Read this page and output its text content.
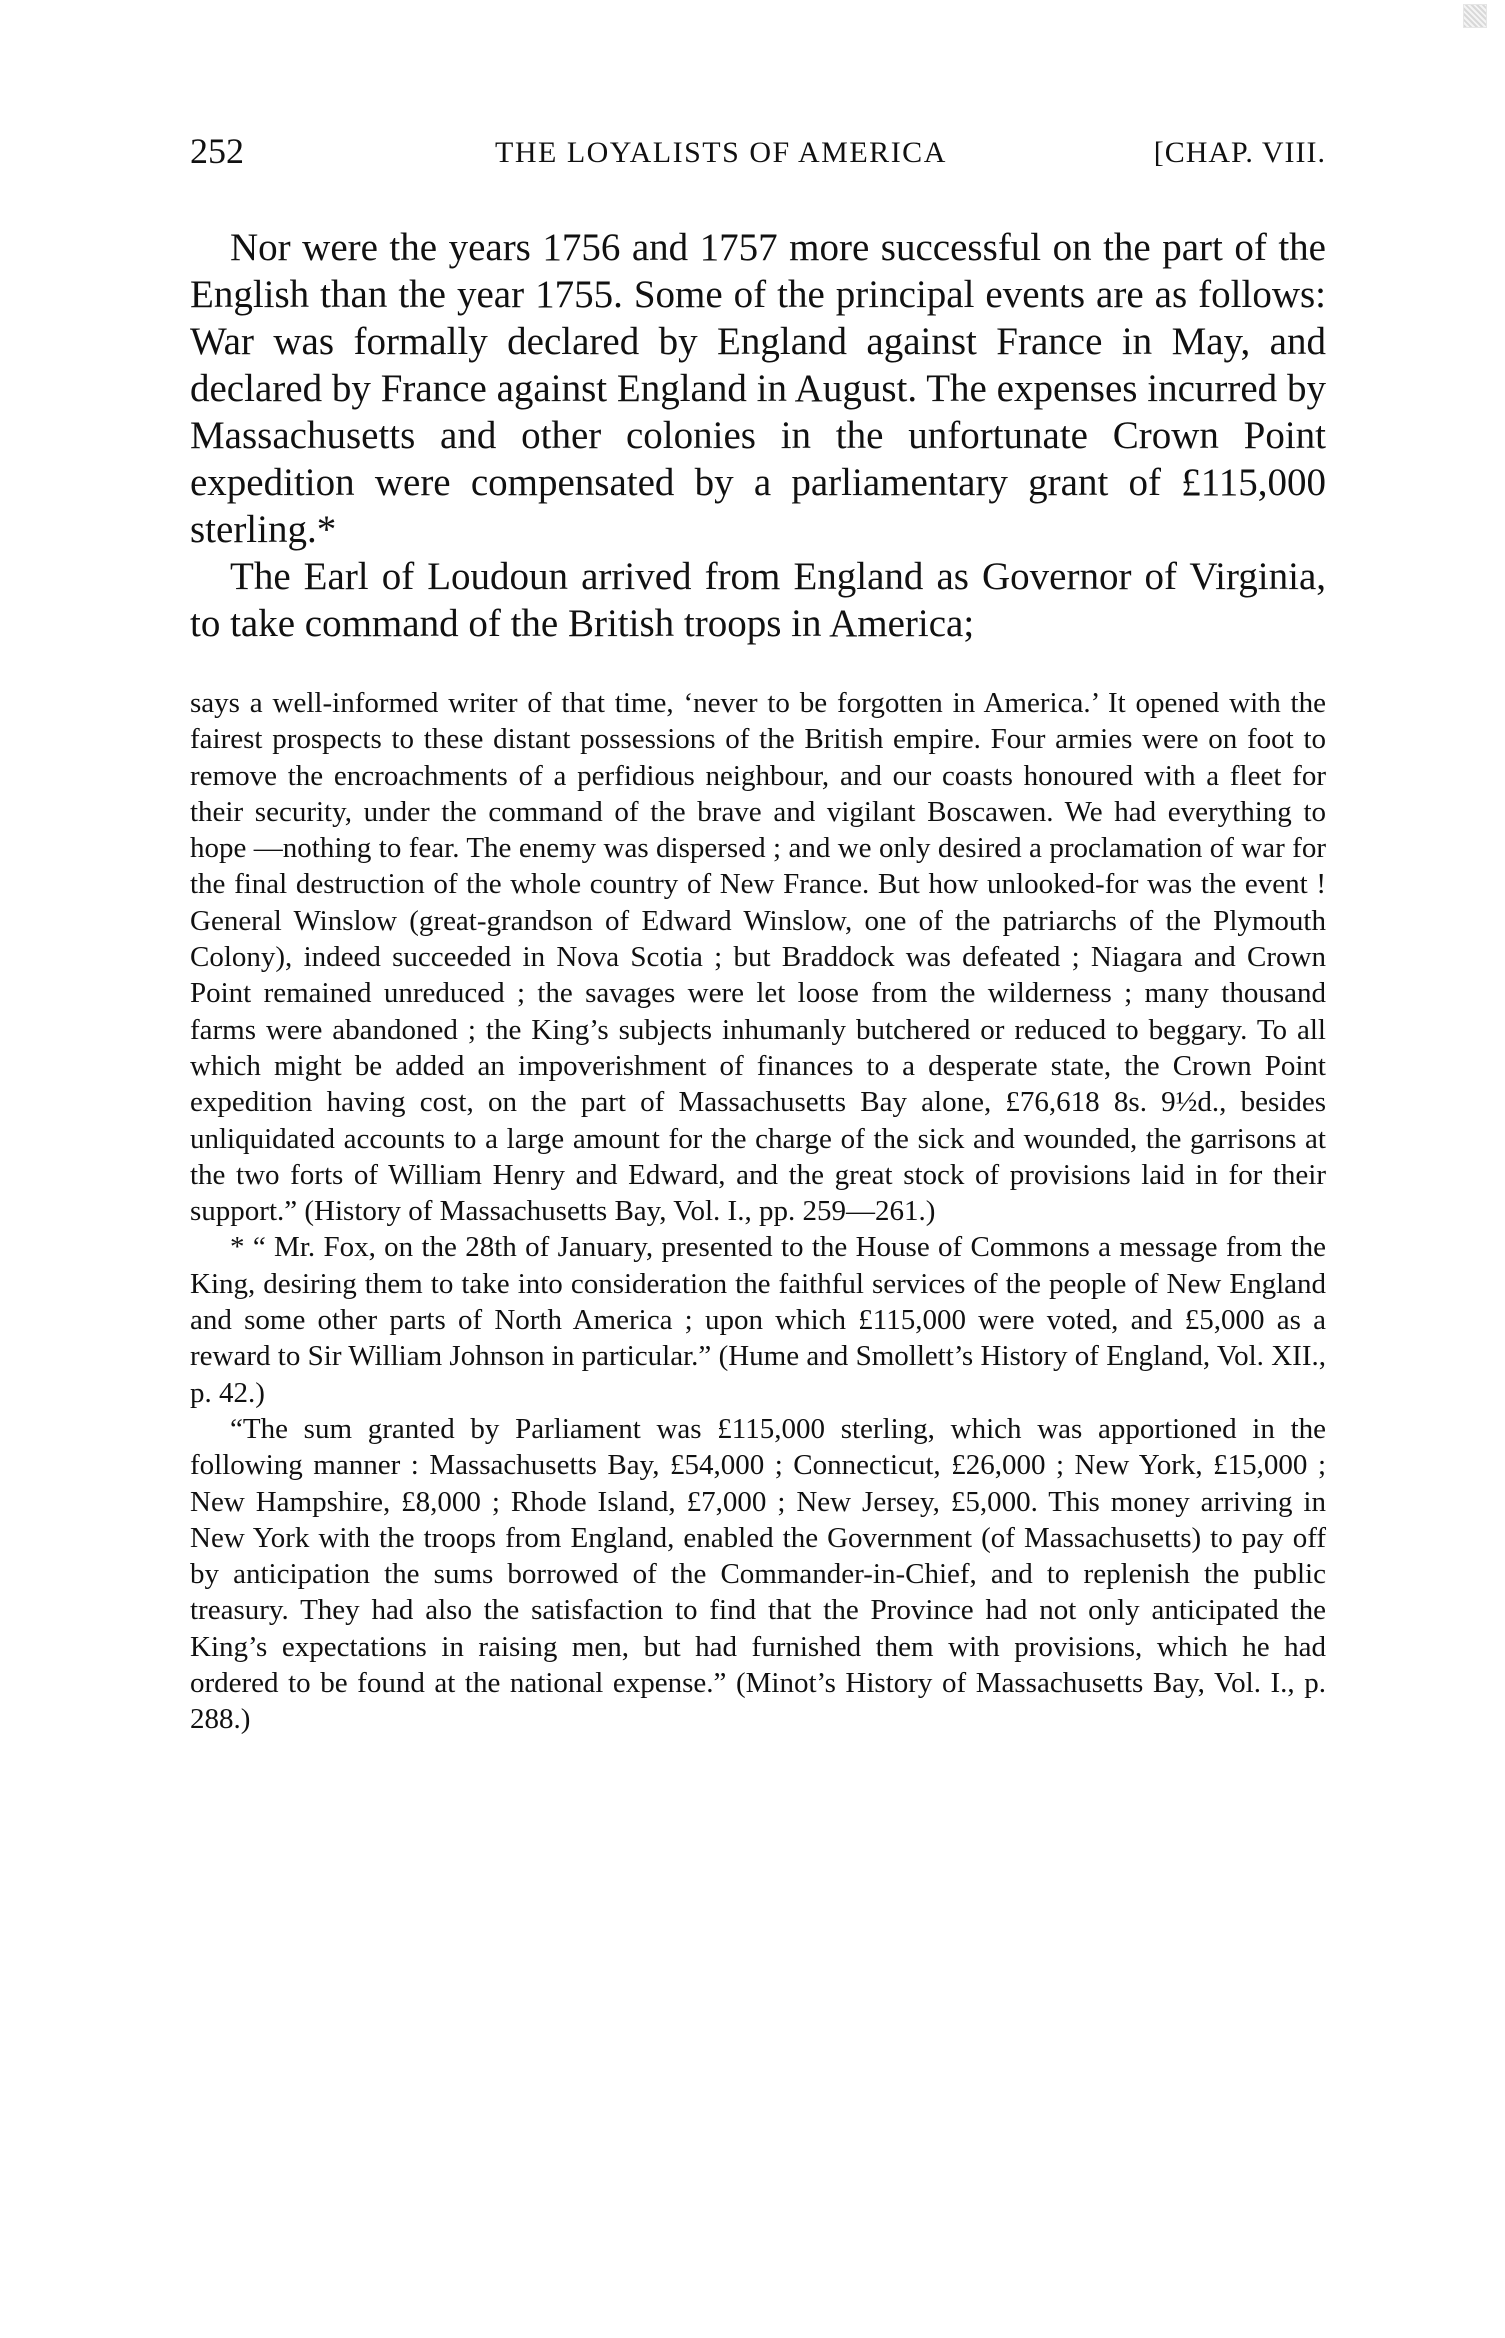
252	THE LOYALISTS OF AMERICA	[CHAP. VIII.

Nor were the years 1756 and 1757 more successful on the part of the English than the year 1755. Some of the principal events are as follows: War was formally declared by England against France in May, and declared by France against England in August. The expenses incurred by Massachusetts and other colonies in the unfortunate Crown Point expedition were compensated by a parliamentary grant of £115,000 sterling.*

The Earl of Loudoun arrived from England as Governor of Virginia, to take command of the British troops in America;

says a well-informed writer of that time, ‘never to be forgotten in America.’ It opened with the fairest prospects to these distant possessions of the British empire. Four armies were on foot to remove the encroachments of a perfidious neighbour, and our coasts honoured with a fleet for their security, under the command of the brave and vigilant Boscawen. We had everything to hope —nothing to fear. The enemy was dispersed ; and we only desired a proclamation of war for the final destruction of the whole country of New France. But how unlooked-for was the event ! General Winslow (great-grandson of Edward Winslow, one of the patriarchs of the Plymouth Colony), indeed succeeded in Nova Scotia ; but Braddock was defeated ; Niagara and Crown Point remained unreduced ; the savages were let loose from the wilderness ; many thousand farms were abandoned ; the King’s subjects inhumanly butchered or reduced to beggary. To all which might be added an impoverishment of finances to a desperate state, the Crown Point expedition having cost, on the part of Massachusetts Bay alone, £76,618 8s. 9½d., besides unliquidated accounts to a large amount for the charge of the sick and wounded, the garrisons at the two forts of William Henry and Edward, and the great stock of provisions laid in for their support.” (History of Massachusetts Bay, Vol. I., pp. 259—261.)

* “ Mr. Fox, on the 28th of January, presented to the House of Commons a message from the King, desiring them to take into consideration the faithful services of the people of New England and some other parts of North America ; upon which £115,000 were voted, and £5,000 as a reward to Sir William Johnson in particular.” (Hume and Smollett’s History of England, Vol. XII., p. 42.)

“The sum granted by Parliament was £115,000 sterling, which was apportioned in the following manner : Massachusetts Bay, £54,000 ; Connecticut, £26,000 ; New York, £15,000 ; New Hampshire, £8,000 ; Rhode Island, £7,000 ; New Jersey, £5,000. This money arriving in New York with the troops from England, enabled the Government (of Massachusetts) to pay off by anticipation the sums borrowed of the Commander-in-Chief, and to replenish the public treasury. They had also the satisfaction to find that the Province had not only anticipated the King’s expectations in raising men, but had furnished them with provisions, which he had ordered to be found at the national expense.” (Minot’s History of Massachusetts Bay, Vol. I., p. 288.)
